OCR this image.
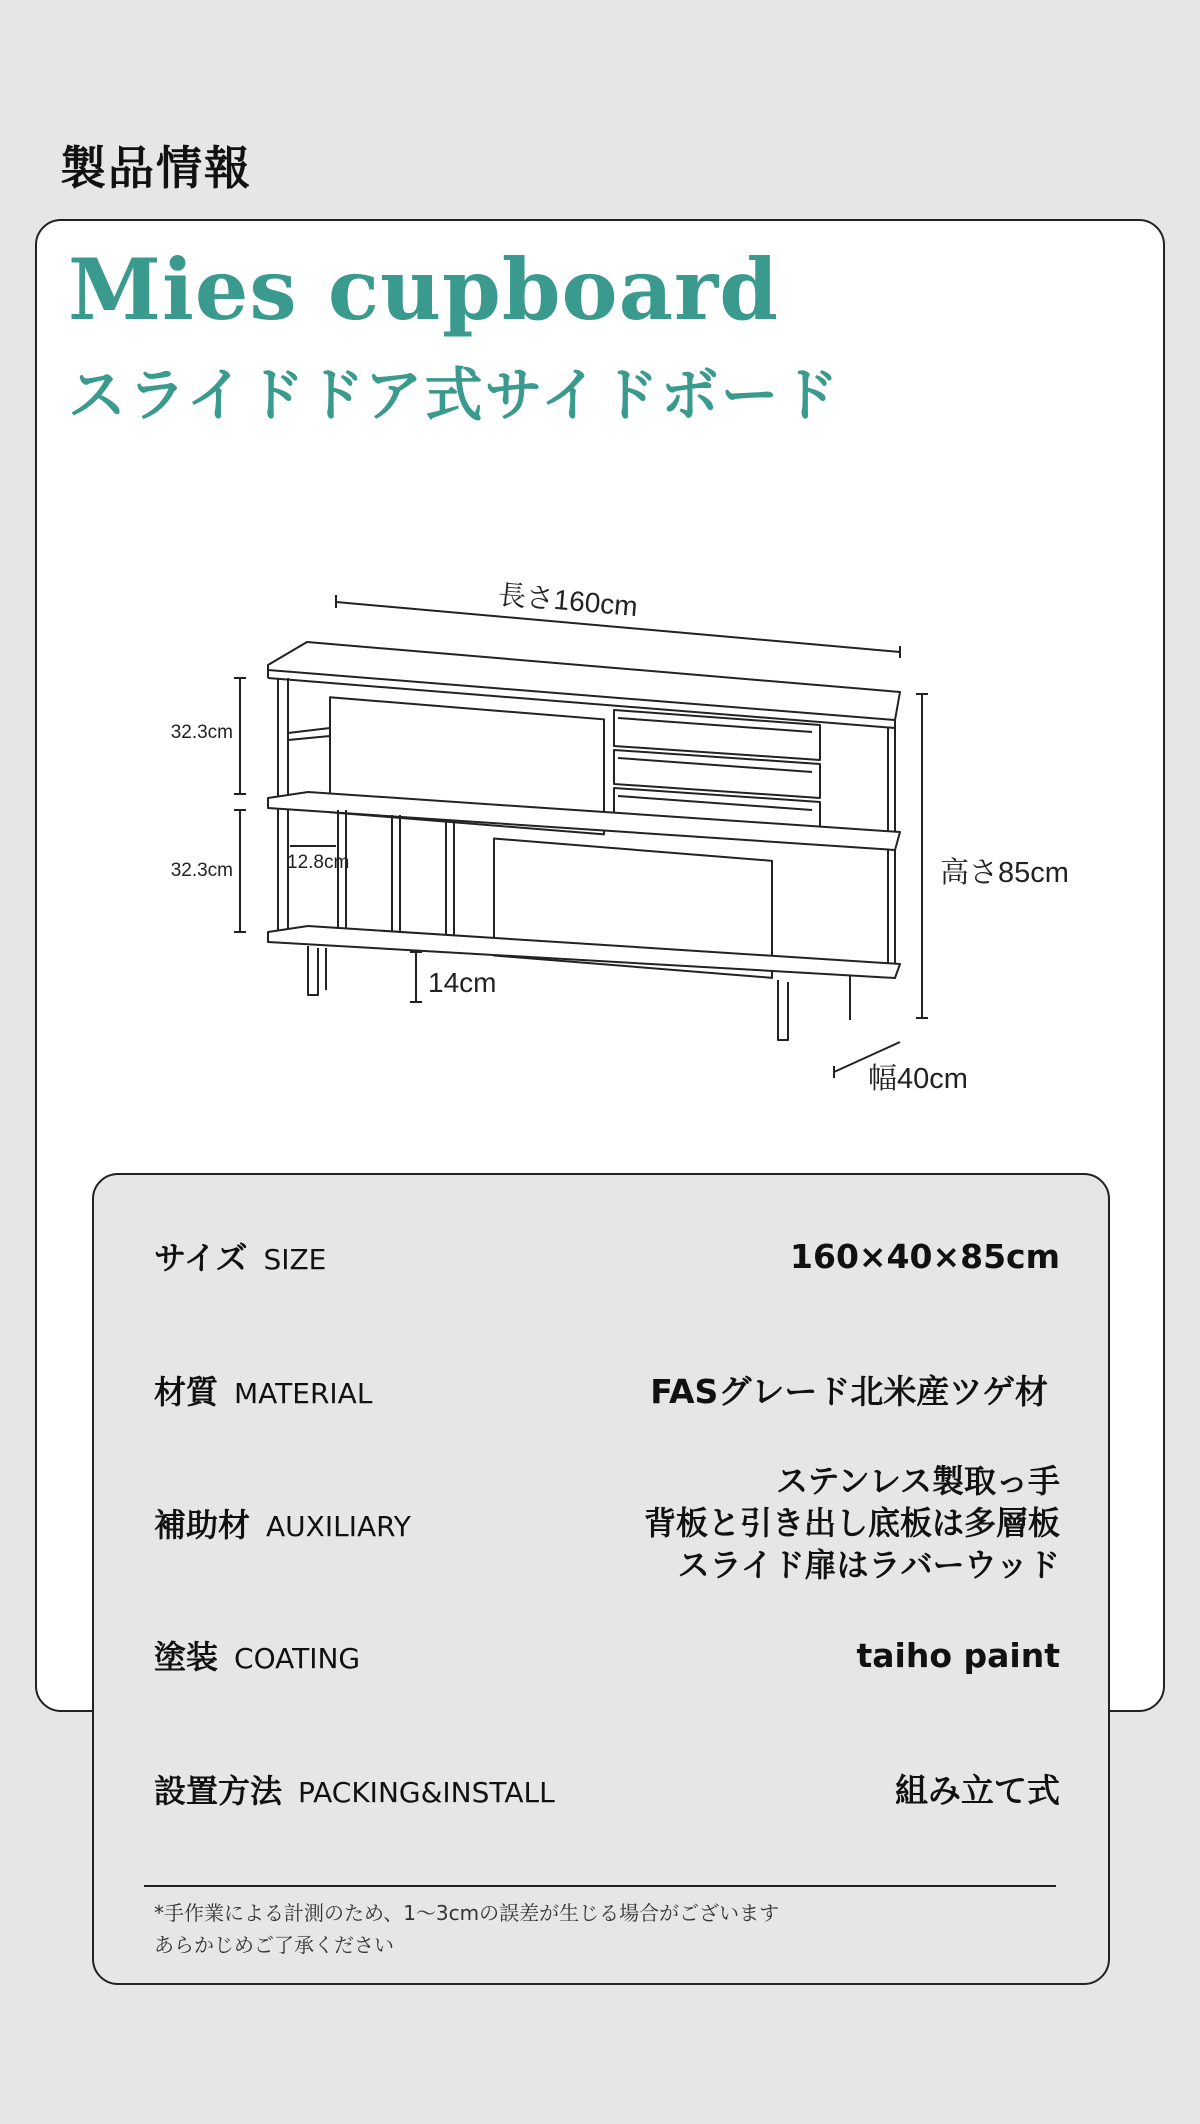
製品情報
Mies cupboard
スライドドア式サイドボード
長さ160cm
高さ85cm
幅40cm
32.3cm
32.3cm	12.8cm
14cm
サイズ SIZE	160×40×85cm
材質 MATERIAL	FASグレード北米産ツゲ材
補助材 AUXILIARY
ステンレス製取っ手
背板と引き出し底板は多層板
スライド扉はラバーウッド
塗装 COATING	taiho paint
設置方法 PACKING&INSTALL	組み立て式
*手作業による計測のため、1～3cmの誤差が生じる場合がございます
あらかじめご了承ください
